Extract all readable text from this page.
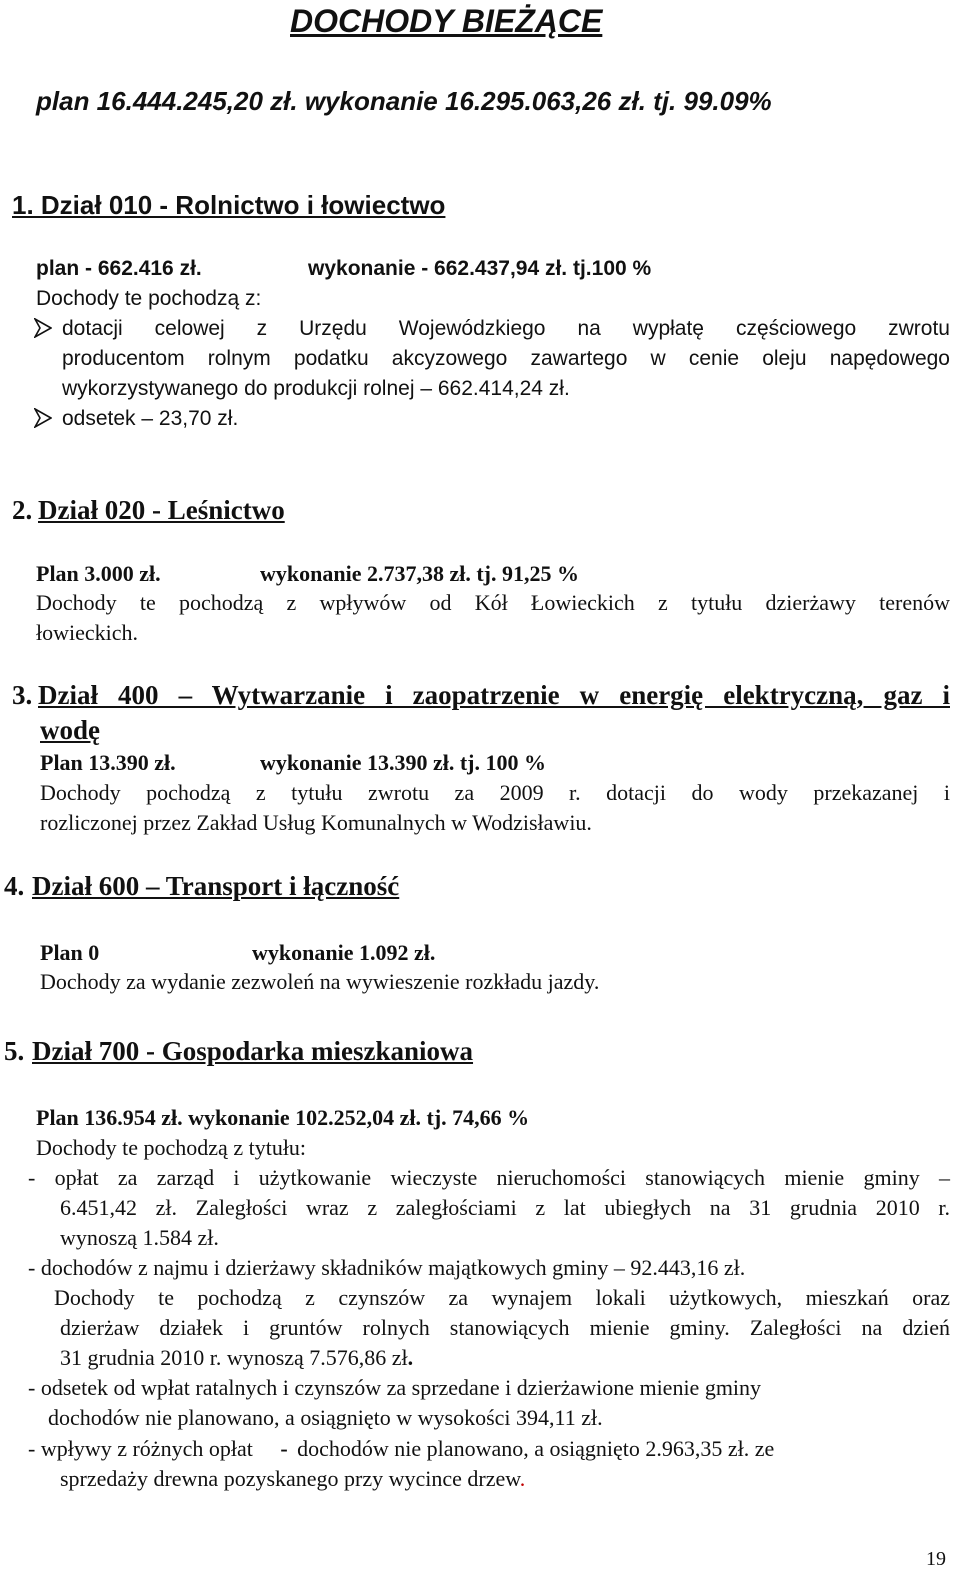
DOCHODY BIEŻĄCE
plan 16.444.245,20 zł. wykonanie 16.295.063,26 zł. tj. 99.09%
1. Dział 010 - Rolnictwo i łowiectwo
plan - 662.416 zł.	wykonanie - 662.437,94 zł. tj.100 %
Dochody te pochodzą z:
dotacji celowej z Urzędu Wojewódzkiego na wypłatę częściowego zwrotu
producentom rolnym podatku akcyzowego zawartego w cenie oleju napędowego
wykorzystywanego do produkcji rolnej – 662.414,24 zł.
odsetek – 23,70 zł.
2. Dział 020 - Leśnictwo
Plan 3.000 zł.	wykonanie 2.737,38 zł. tj. 91,25 %
Dochody te pochodzą z wpływów od Kół Łowieckich z tytułu dzierżawy terenów
łowieckich.
3. Dział 400 – Wytwarzanie i zaopatrzenie w energię elektryczną, gaz i
wodę
Plan 13.390 zł.	wykonanie 13.390 zł. tj. 100 %
Dochody pochodzą z tytułu zwrotu za 2009 r. dotacji do wody przekazanej i
rozliczonej przez Zakład Usług Komunalnych w Wodzisławiu.
4. Dział 600 – Transport i łączność
Plan 0	wykonanie 1.092 zł.
Dochody za wydanie zezwoleń na wywieszenie rozkładu jazdy.
5. Dział 700 - Gospodarka mieszkaniowa
Plan 136.954 zł. wykonanie 102.252,04 zł. tj. 74,66 %
Dochody te pochodzą z tytułu:
- opłat za zarząd i użytkowanie wieczyste nieruchomości stanowiących mienie gminy –
6.451,42 zł. Zaległości wraz z zaległościami z lat ubiegłych na 31 grudnia 2010 r.
wynoszą 1.584 zł.
- dochodów z najmu i dzierżawy składników majątkowych gminy – 92.443,16 zł.
Dochody te pochodzą z czynszów za wynajem lokali użytkowych, mieszkań oraz
dzierżaw działek i gruntów rolnych stanowiących mienie gminy. Zaległości na dzień
31 grudnia 2010 r. wynoszą 7.576,86 zł.
- odsetek od wpłat ratalnych i czynszów za sprzedane i dzierżawione mienie gminy
dochodów nie planowano, a osiągnięto w wysokości 394,11 zł.
- wpływy z różnych opłat - dochodów nie planowano, a osiągnięto 2.963,35 zł. ze
sprzedaży drewna pozyskanego przy wycince drzew.
19
